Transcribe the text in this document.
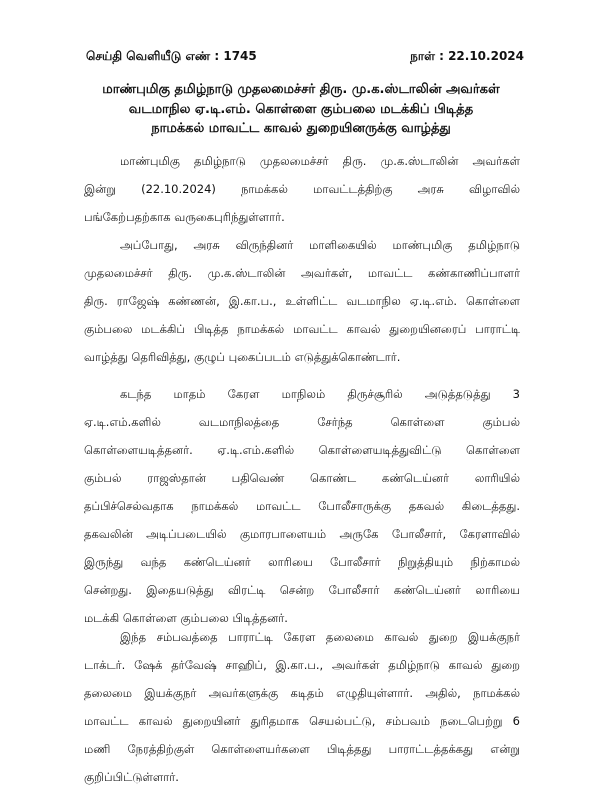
செய்தி வெளியீடு எண் : 1745	நாள் : 22.10.2024
மாண்புமிகு தமிழ்நாடு முதலமைச்சர் திரு. மு.க.ஸ்டாலின் அவர்கள்
வடமாநில ஏ.டி.எம். கொள்ளை கும்பலை மடக்கிப் பிடித்த
நாமக்கல் மாவட்ட காவல் துறையினருக்கு வாழ்த்து
மாண்புமிகு தமிழ்நாடு முதலமைச்சர் திரு. மு.க.ஸ்டாலின் அவர்கள்
இன்று (22.10.2024) நாமக்கல் மாவட்டத்திற்கு அரசு விழாவில்
பங்கேற்பதற்காக வருகைபுரிந்துள்ளார்.
அப்போது, அரசு விருந்தினர் மாளிகையில் மாண்புமிகு தமிழ்நாடு
முதலமைச்சர் திரு. மு.க.ஸ்டாலின் அவர்கள், மாவட்ட கண்காணிப்பாளர்
திரு. ராஜேஷ் கண்ணன், இ.கா.ப., உள்ளிட்ட வடமாநில ஏ.டி.எம். கொள்ளை
கும்பலை மடக்கிப் பிடித்த நாமக்கல் மாவட்ட காவல் துறையினரைப் பாராட்டி
வாழ்த்து தெரிவித்து, குழுப் புகைப்படம் எடுத்துக்கொண்டார்.
கடந்த மாதம் கேரள மாநிலம் திருச்சூரில் அடுத்தடுத்து 3
ஏ.டி.எம்.களில் வடமாநிலத்தை சேர்ந்த கொள்ளை கும்பல்
கொள்ளையடித்தனர். ஏ.டி.எம்.களில் கொள்ளையடித்துவிட்டு கொள்ளை
கும்பல் ராஜஸ்தான் பதிவெண் கொண்ட கண்டெய்னர் லாரியில்
தப்பிச்செல்வதாக நாமக்கல் மாவட்ட போலீசாருக்கு தகவல் கிடைத்தது.
தகவலின் அடிப்படையில் குமாரபாளையம் அருகே போலீசார், கேரளாவில்
இருந்து வந்த கண்டெய்னர் லாரியை போலீசார் நிறுத்தியும் நிற்காமல்
சென்றது. இதையடுத்து விரட்டி சென்ற போலீசார் கண்டெய்னர் லாரியை
மடக்கி கொள்ளை கும்பலை பிடித்தனர்.
இந்த சம்பவத்தை பாராட்டி கேரள தலைமை காவல் துறை இயக்குநர்
டாக்டர். ஷேக் தர்வேஷ் சாஹிப், இ.கா.ப., அவர்கள் தமிழ்நாடு காவல் துறை
தலைமை இயக்குநர் அவர்களுக்கு கடிதம் எழுதியுள்ளார். அதில், நாமக்கல்
மாவட்ட காவல் துறையினர் துரிதமாக செயல்பட்டு, சம்பவம் நடைபெற்று 6
மணி நேரத்திற்குள் கொள்ளையர்களை பிடித்தது பாராட்டத்தக்கது என்று
குறிப்பிட்டுள்ளார்.
